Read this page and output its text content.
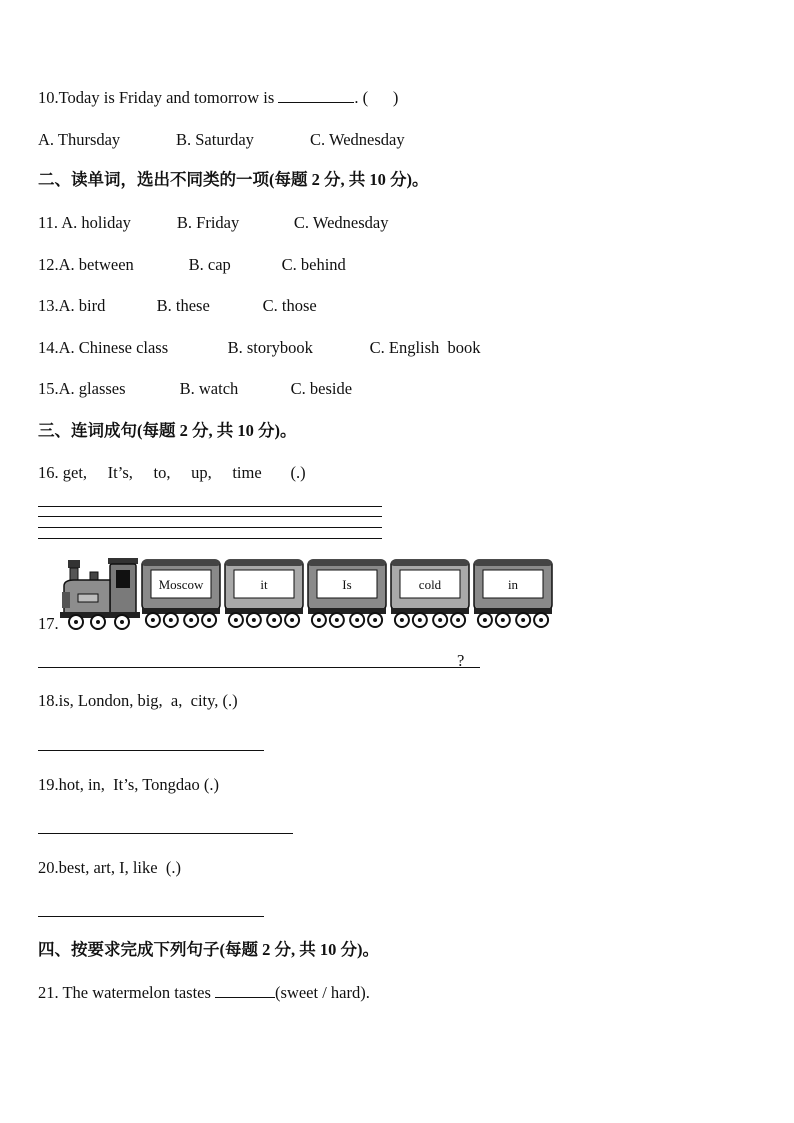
10.Today is Friday and tomorrow is	. (      )
A. Thursday	B. Saturday	C. Wednesday
二、读单词，选出不同类的一项(每题 2 分, 共 10 分)。
11. A. holiday	B. Friday	C. Wednesday
12.A. between	B. cap	C. behind
13.A. bird	B. these	C. those
14.A. Chinese class	B. storybook	C. English  book
15.A. glasses	B. watch	C. beside
三、连词成句(每题 2 分, 共 10 分)。
16. get,     It’s,     to,     up,     time       (.)
17.
Moscow	it	Is	cold	in
?
18.is, London, big,  a,  city, (.)
19.hot, in,  It’s, Tongdao (.)
20.best, art, I, like  (.)
四、按要求完成下列句子(每题 2 分, 共 10 分)。
21. The watermelon tastes	(sweet / hard).
